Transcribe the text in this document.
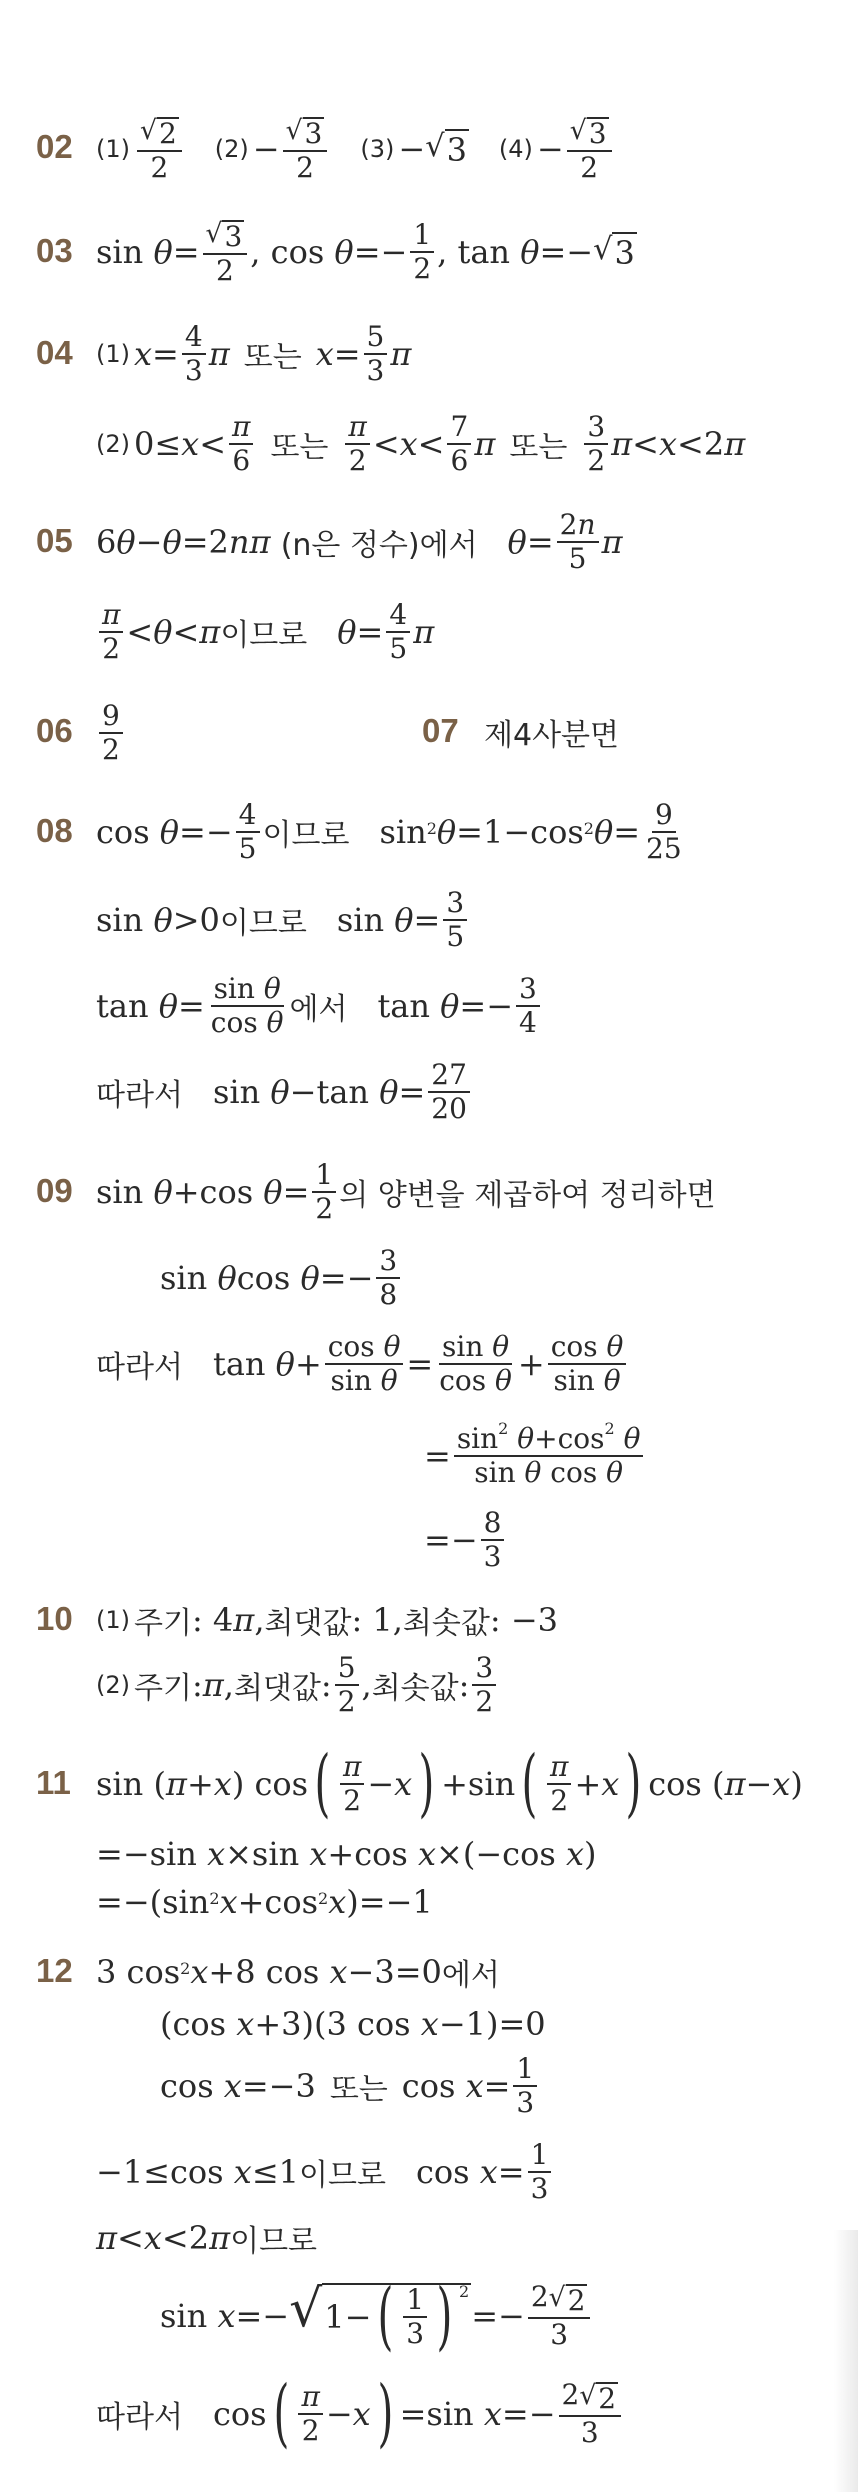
02 $(1) \frac{√ 2}{2} (2) - \frac{√ 3}{2} (3)$ − √ 3 $(4) - \frac{√ 3}{2}$
03 $\sin \theta = \frac{√ 3}{2}$ , $\cos \theta =- \frac{1}{2}$ , tan θ =− √ 3
04 (1) $x = \frac{4}{3}$ π 또는 $x = \frac{5}{3}$ π
(2) $0\le x < \frac{\pi}{6}$ 또는 $\frac{\pi}{2} < x < \frac{7}{6}$ π 또는 $\frac{3}{2}$ π < x <2 π
05 6 θ − θ =2 nπ
(n은 정수)에서 $\theta = \frac{2n}{5}$ π
$\frac{\pi}{2} < \theta < \pi$ 이므로 $\theta = \frac{4}{5}$ π
$06 \frac{9}{2}$	07 제4사분면
08 $\cos \theta =- \frac{4}{5}$ 이므로 $\sin^2 \theta =1-\cos^2$ $\theta = \frac{9}{25}$
sin θ >0 이므로 $\sin \theta = \frac{3}{5}$
$\tan \theta = \frac{\text{sin θ}}{\text{cos θ}}$ 에서 $\tan \theta =- \frac{3}{4}$
따라서 sin θ −tan $\theta = \frac{27}{20}$
09 sin θ +cos $\theta = \frac{1}{2}$ 의 양변을 제곱하여 정리하면
sin θ $\cos \theta =- \frac{3}{8}$
따라서 $\tan \theta + \frac{\text{cos θ}}{\text{sin θ}} = \frac{\text{sin θ}}{\text{cos θ}} + \frac{\text{cos θ}}{\text{sin θ}}$
= $\frac{\sin^2 \theta+\cos^2 \theta}{\text{sin θ cos θ}}$
=− $\frac{8}{3}$
10 (1) 주기 : 4 π , 최댓값 : 1, 최솟값 : −3
(2) 주기 : π , 최댓값 : $\frac{5}{2}$ , 최솟값 : $\frac{3}{2}$
11 sin ( π + x ) cos ( $\frac{\pi}{2} - x$ ) +sin ( $\frac{\pi}{2} + x$ ) cos ( π − x )
=−sin x ×sin x +cos x ×(−cos x )
$=-(\sin^2$ $x +\cos^2$ x )=−1
12 3 $\cos^2 x +8$ cos x −3=0 에서
(cos x +3)(3 cos x −1)=0
cos x =−3 또는 $\cos x = \frac{1}{3}$
−1≤cos x ≤1 이므로 $\cos x = \frac{1}{3}$
π < x <2 π 이므로
sin x =− √ 1− ( $\frac{1}{3}$ ) $^2$
=− $\frac{2 √ 2}{3}$
따라서 cos ( $\frac{\pi}{2} - x$ ) =sin $x =- \frac{2 √ 2}{3}$
